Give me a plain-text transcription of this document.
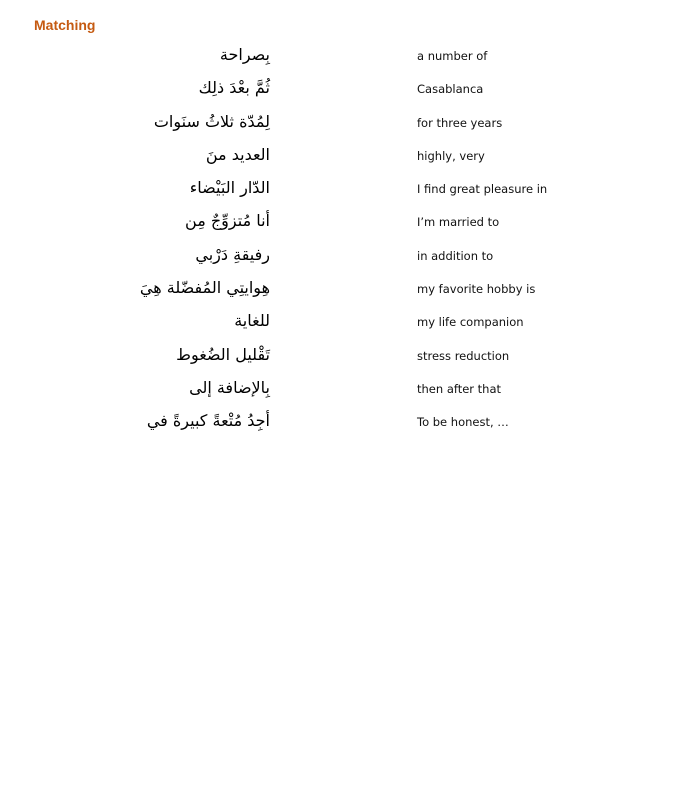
Matching
بِصراحة	a number of
ثُمَّ بعْدَ ذلِك	Casablanca
لِمُدّة ثلاثُ سنَوات	for three years
العديد منَ	highly, very
الدّار البَيْضاء	I find great pleasure in
أنا مُتزوِّجٌ مِن	I’m married to
رفيقةِ دَرْبي	in addition to
هِوايتِي المُفضّلة هِيَ	my favorite hobby is
للغاية	my life companion
تَقْليل الضُغوط	stress reduction
بِالإضافة إلى	then after that
أجِدُ مُتْعةً كبيرةً في	To be honest, …
